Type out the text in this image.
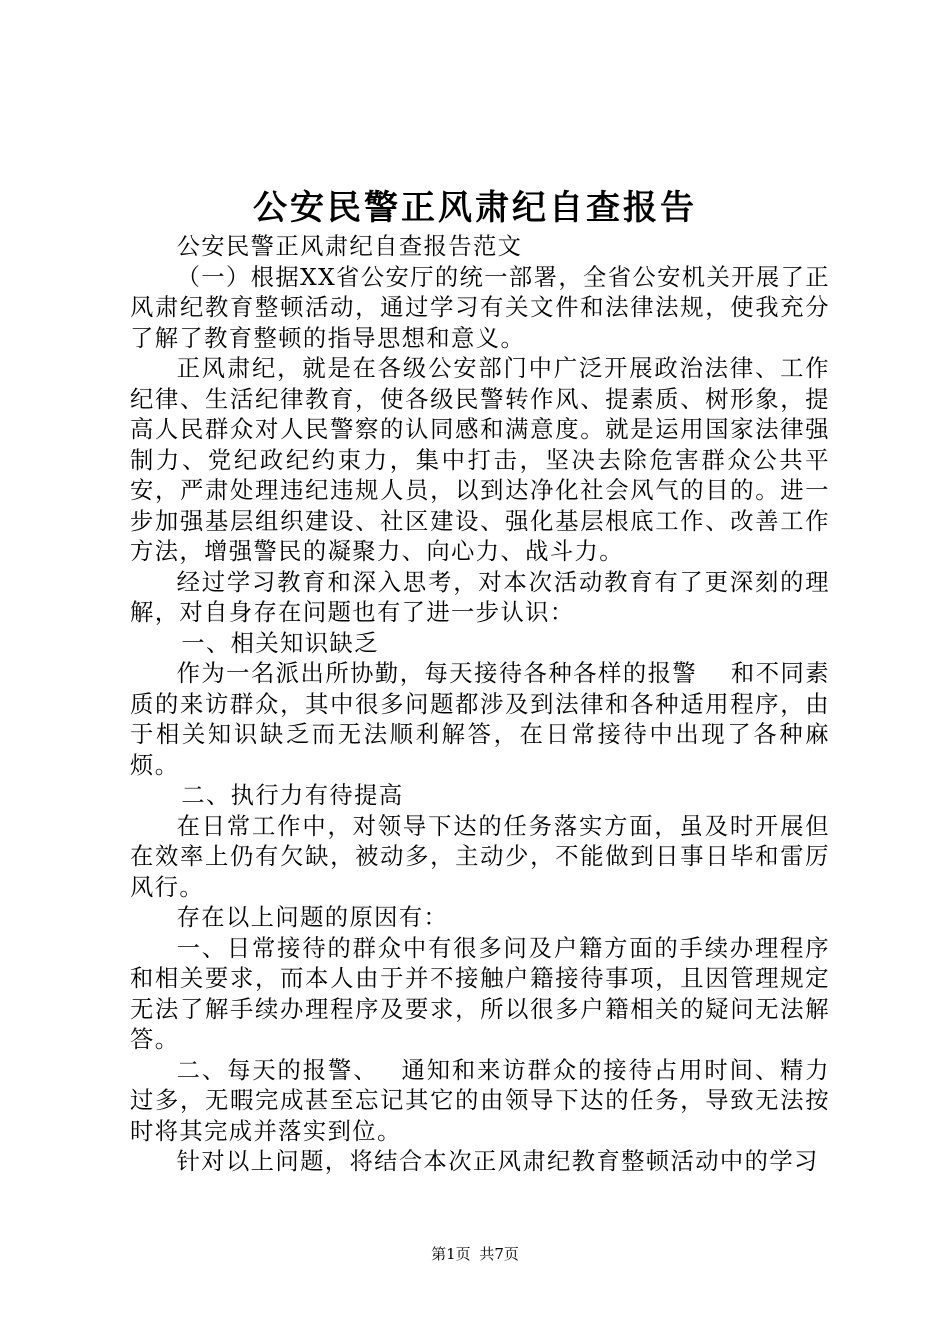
公安民警正风肃纪自查报告

公安民警正风肃纪自查报告范文

（一）根据XX省公安厅的统一部署，全省公安机关开展了正风肃纪教育整顿活动，通过学习有关文件和法律法规，使我充分了解了教育整顿的指导思想和意义。

正风肃纪，就是在各级公安部门中广泛开展政治法律、工作纪律、生活纪律教育，使各级民警转作风、提素质、树形象，提高人民群众对人民警察的认同感和满意度。就是运用国家法律强制力、党纪政纪约束力，集中打击，坚决去除危害群众公共平安，严肃处理违纪违规人员，以到达净化社会风气的目的。进一步加强基层组织建设、社区建设、强化基层根底工作、改善工作方法，增强警民的凝聚力、向心力、战斗力。

经过学习教育和深入思考，对本次活动教育有了更深刻的理解，对自身存在问题也有了进一步认识：

一、相关知识缺乏

作为一名派出所协勤，每天接待各种各样的报警　 和不同素质的来访群众，其中很多问题都涉及到法律和各种适用程序，由于相关知识缺乏而无法顺利解答，在日常接待中出现了各种麻烦。

二、执行力有待提高

在日常工作中，对领导下达的任务落实方面，虽及时开展但在效率上仍有欠缺，被动多，主动少，不能做到日事日毕和雷厉风行。

存在以上问题的原因有：

一、日常接待的群众中有很多问及户籍方面的手续办理程序和相关要求，而本人由于并不接触户籍接待事项，且因管理规定无法了解手续办理程序及要求，所以很多户籍相关的疑问无法解答。

二、每天的报警、　 通知和来访群众的接待占用时间、精力过多，无暇完成甚至忘记其它的由领导下达的任务，导致无法按时将其完成并落实到位。

针对以上问题，将结合本次正风肃纪教育整顿活动中的学习

第1页 共7页
